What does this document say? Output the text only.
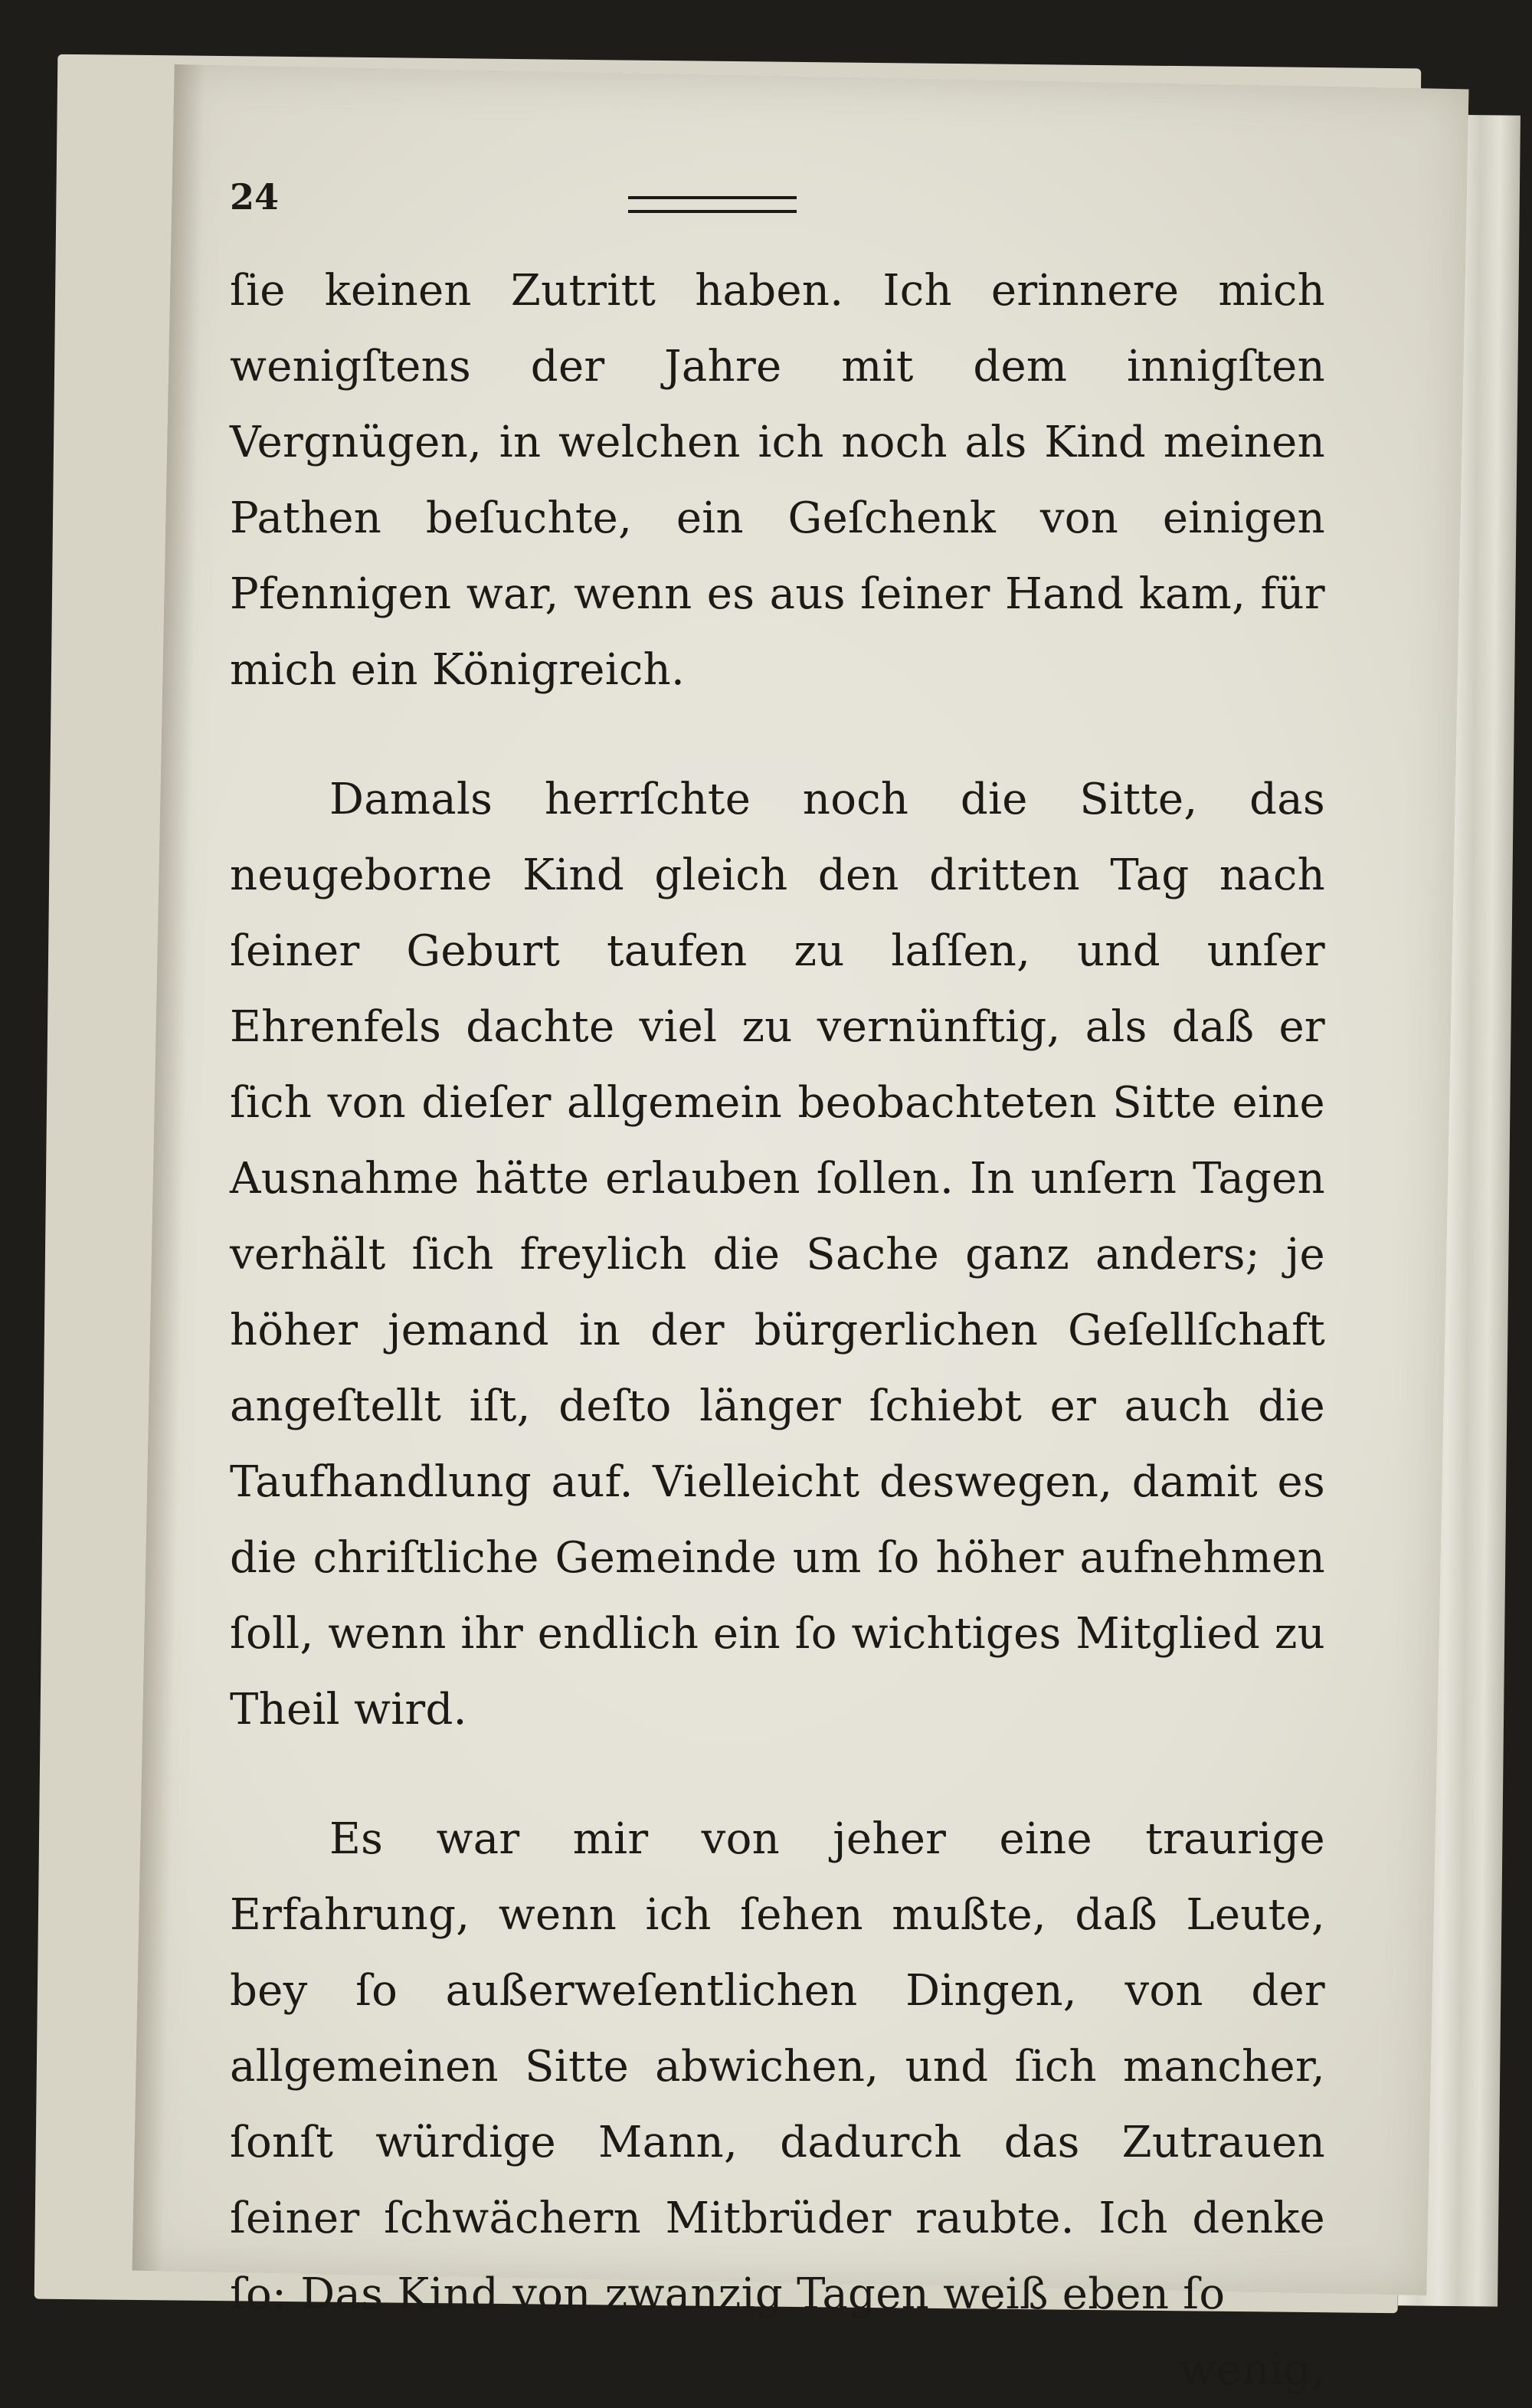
24

ſie keinen Zutritt haben. Ich erinnere mich wenigſtens der Jahre mit dem innigſten Vergnügen, in welchen ich noch als Kind meinen Pathen beſuchte, ein Geſchenk von einigen Pfennigen war, wenn es aus ſeiner Hand kam, für mich ein Königreich.

Damals herrſchte noch die Sitte, das neugeborne Kind gleich den dritten Tag nach ſeiner Geburt taufen zu laſſen, und unſer Ehrenfels dachte viel zu vernünftig, als daß er ſich von dieſer allgemein beobachteten Sitte eine Ausnahme hätte erlauben ſollen. In unſern Tagen verhält ſich freylich die Sache ganz anders; je höher jemand in der bürgerlichen Geſellſchaft angeſtellt iſt, deſto länger ſchiebt er auch die Taufhandlung auf. Vielleicht deswegen, damit es die chriſtliche Gemeinde um ſo höher aufnehmen ſoll, wenn ihr endlich ein ſo wichtiges Mitglied zu Theil wird.

Es war mir von jeher eine traurige Erfahrung, wenn ich ſehen mußte, daß Leute, bey ſo außerweſentlichen Dingen, von der allgemeinen Sitte abwichen, und ſich mancher, ſonſt würdige Mann, dadurch das Zutrauen ſeiner ſchwächern Mitbrüder raubte. Ich denke ſo: Das Kind von zwanzig Tagen weiß eben ſo

wenig,
